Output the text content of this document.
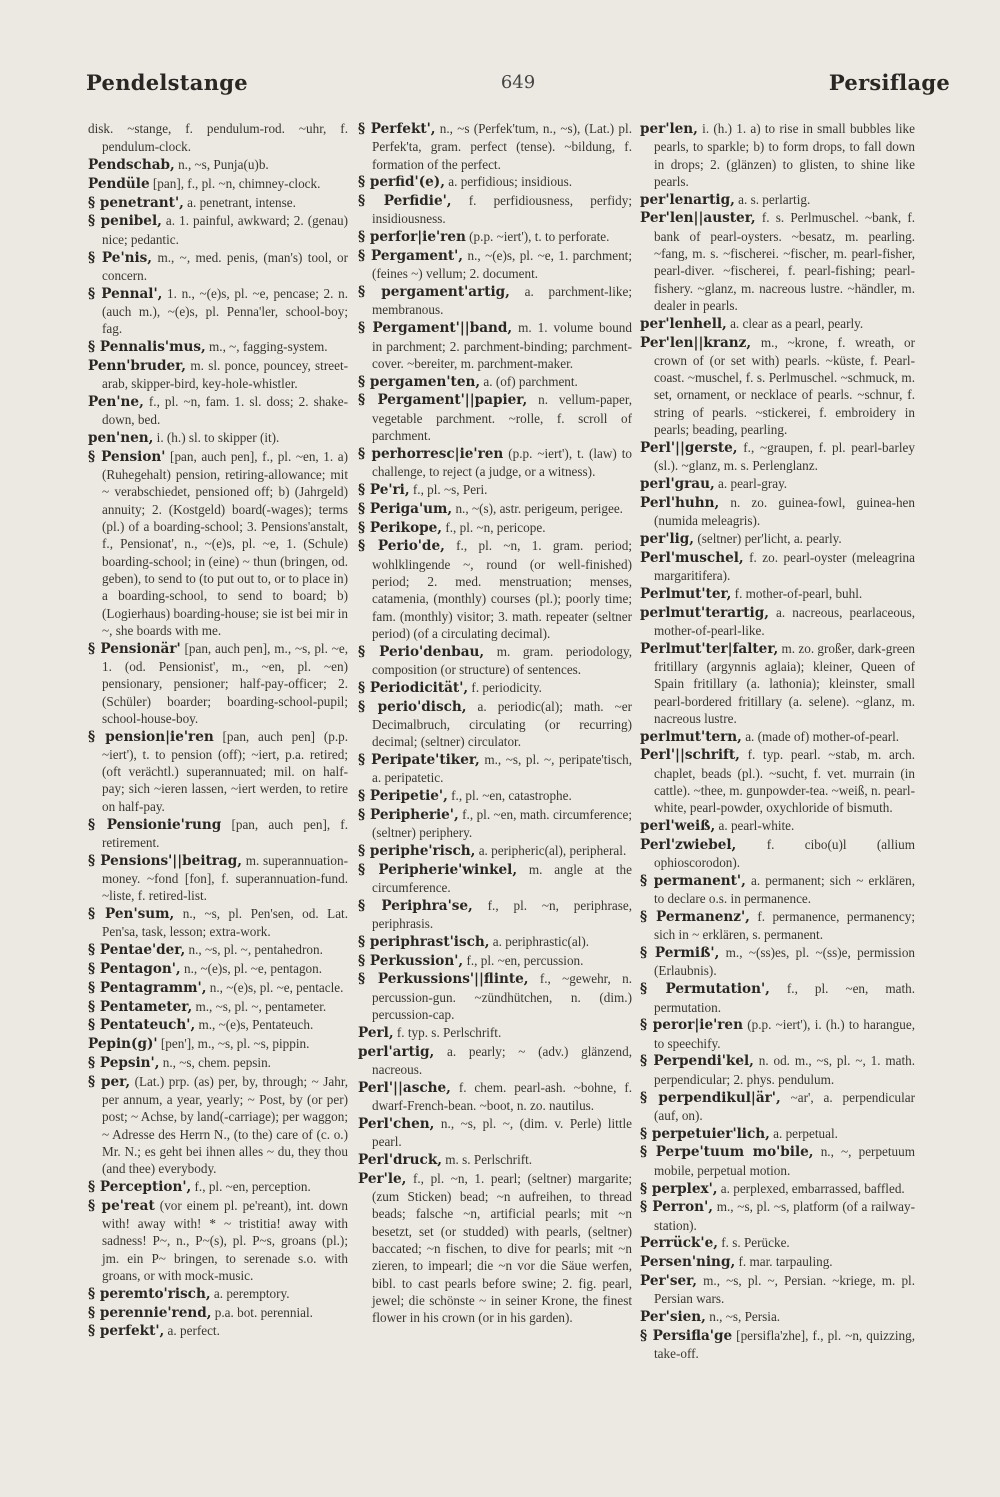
Pendelstange	649	Persiflage

disk. ~stange, f. pendulum-rod. ~uhr, f. pendulum-clock.

Pendschab, n., ~s, Punja(u)b.

Pendüle [pan], f., pl. ~n, chimney-clock.

§ penetrant', a. penetrant, intense.

§ penibel, a. 1. painful, awkward; 2. (genau) nice; pedantic.

§ Pe'nis, m., ~, med. penis, (man's) tool, or concern.

§ Pennal', 1. n., ~(e)s, pl. ~e, pencase; 2. n. (auch m.), ~(e)s, pl. Penna'ler, school-boy; fag.

§ Pennalis'mus, m., ~, fagging-system.

Penn'bruder, m. sl. ponce, pouncey, street-arab, skipper-bird, key-hole-whistler.

Pen'ne, f., pl. ~n, fam. 1. sl. doss; 2. shake-down, bed.

pen'nen, i. (h.) sl. to skipper (it).

§ Pension' [pan, auch pen], f., pl. ~en, 1. a) (Ruhegehalt) pension, retiring-allowance; mit ~ verabschiedet, pensioned off; b) (Jahrgeld) annuity; 2. (Kostgeld) board(-wages); terms (pl.) of a boarding-school; 3. Pensions'anstalt, f., Pensionat', n., ~(e)s, pl. ~e, 1. (Schule) boarding-school; in (eine) ~ thun (bringen, od. geben), to send to (to put out to, or to place in) a boarding-school, to send to board; b) (Logierhaus) boarding-house; sie ist bei mir in ~, she boards with me.

§ Pensionär' [pan, auch pen], m., ~s, pl. ~e, 1. (od. Pensionist', m., ~en, pl. ~en) pensionary, pensioner; half-pay-officer; 2. (Schüler) boarder; boarding-school-pupil; school-house-boy.

§ pension|ie'ren [pan, auch pen] (p.p. ~iert'), t. to pension (off); ~iert, p.a. retired; (oft verächtl.) superannuated; mil. on half-pay; sich ~ieren lassen, ~iert werden, to retire on half-pay.

§ Pensionie'rung [pan, auch pen], f. retirement.

§ Pensions'||beitrag, m. superannuation-money. ~fond [fon], f. superannuation-fund. ~liste, f. retired-list.

§ Pen'sum, n., ~s, pl. Pen'sen, od. Lat. Pen'sa, task, lesson; extra-work.

§ Pentae'der, n., ~s, pl. ~, pentahedron.

§ Pentagon', n., ~(e)s, pl. ~e, pentagon.

§ Pentagramm', n., ~(e)s, pl. ~e, pentacle.

§ Pentameter, m., ~s, pl. ~, pentameter.

§ Pentateuch', m., ~(e)s, Pentateuch.

Pepin(g)' [pen'], m., ~s, pl. ~s, pippin.

§ Pepsin', n., ~s, chem. pepsin.

§ per, (Lat.) prp. (as) per, by, through; ~ Jahr, per annum, a year, yearly; ~ Post, by (or per) post; ~ Achse, by land(-carriage); per waggon; ~ Adresse des Herrn N., (to the) care of (c. o.) Mr. N.; es geht bei ihnen alles ~ du, they thou (and thee) everybody.

§ Perception', f., pl. ~en, perception.

§ pe'reat (vor einem pl. pe'reant), int. down with! away with! * ~ tristitia! away with sadness! P~, n., P~(s), pl. P~s, groans (pl.); jm. ein P~ bringen, to serenade s.o. with groans, or with mock-music.

§ peremto'risch, a. peremptory.

§ perennie'rend, p.a. bot. perennial.

§ perfekt', a. perfect.

§ Perfekt', n., ~s (Perfek'tum, n., ~s), (Lat.) pl. Perfek'ta, gram. perfect (tense). ~bildung, f. formation of the perfect.

§ perfid'(e), a. perfidious; insidious.

§ Perfidie', f. perfidiousness, perfidy; insidiousness.

§ perfor|ie'ren (p.p. ~iert'), t. to perforate.

§ Pergament', n., ~(e)s, pl. ~e, 1. parchment; (feines ~) vellum; 2. document.

§ pergament'artig, a. parchment-like; membranous.

§ Pergament'||band, m. 1. volume bound in parchment; 2. parchment-binding; parchment-cover. ~bereiter, m. parchment-maker.

§ pergamen'ten, a. (of) parchment.

§ Pergament'||papier, n. vellum-paper, vegetable parchment. ~rolle, f. scroll of parchment.

§ perhorresc|ie'ren (p.p. ~iert'), t. (law) to challenge, to reject (a judge, or a witness).

§ Pe'ri, f., pl. ~s, Peri.

§ Periga'um, n., ~(s), astr. perigeum, perigee.

§ Perikope, f., pl. ~n, pericope.

§ Perio'de, f., pl. ~n, 1. gram. period; wohlklingende ~, round (or well-finished) period; 2. med. menstruation; menses, catamenia, (monthly) courses (pl.); poorly time; fam. (monthly) visitor; 3. math. repeater (seltner period) (of a circulating decimal).

§ Perio'denbau, m. gram. periodology, composition (or structure) of sentences.

§ Periodicität', f. periodicity.

§ perio'disch, a. periodic(al); math. ~er Decimalbruch, circulating (or recurring) decimal; (seltner) circulator.

§ Peripate'tiker, m., ~s, pl. ~, peripate'tisch, a. peripatetic.

§ Peripetie', f., pl. ~en, catastrophe.

§ Peripherie', f., pl. ~en, math. circumference; (seltner) periphery.

§ periphe'risch, a. peripheric(al), peripheral.

§ Peripherie'winkel, m. angle at the circumference.

§ Periphra'se, f., pl. ~n, periphrase, periphrasis.

§ periphrast'isch, a. periphrastic(al).

§ Perkussion', f., pl. ~en, percussion.

§ Perkussions'||flinte, f., ~gewehr, n. percussion-gun. ~zündhütchen, n. (dim.) percussion-cap.

Perl, f. typ. s. Perlschrift.

perl'artig, a. pearly; ~ (adv.) glänzend, nacreous.

Perl'||asche, f. chem. pearl-ash. ~bohne, f. dwarf-French-bean. ~boot, n. zo. nautilus.

Perl'chen, n., ~s, pl. ~, (dim. v. Perle) little pearl.

Perl'druck, m. s. Perlschrift.

Per'le, f., pl. ~n, 1. pearl; (seltner) margarite; (zum Sticken) bead; ~n aufreihen, to thread beads; falsche ~n, artificial pearls; mit ~n besetzt, set (or studded) with pearls, (seltner) baccated; ~n fischen, to dive for pearls; mit ~n zieren, to impearl; die ~n vor die Säue werfen, bibl. to cast pearls before swine; 2. fig. pearl, jewel; die schönste ~ in seiner Krone, the finest flower in his crown (or in his garden).

per'len, i. (h.) 1. a) to rise in small bubbles like pearls, to sparkle; b) to form drops, to fall down in drops; 2. (glänzen) to glisten, to shine like pearls.

per'lenartig, a. s. perlartig.

Per'len||auster, f. s. Perlmuschel. ~bank, f. bank of pearl-oysters. ~besatz, m. pearling. ~fang, m. s. ~fischerei. ~fischer, m. pearl-fisher, pearl-diver. ~fischerei, f. pearl-fishing; pearl-fishery. ~glanz, m. nacreous lustre. ~händler, m. dealer in pearls.

per'lenhell, a. clear as a pearl, pearly.

Per'len||kranz, m., ~krone, f. wreath, or crown of (or set with) pearls. ~küste, f. Pearl-coast. ~muschel, f. s. Perlmuschel. ~schmuck, m. set, ornament, or necklace of pearls. ~schnur, f. string of pearls. ~stickerei, f. embroidery in pearls; beading, pearling.

Perl'||gerste, f., ~graupen, f. pl. pearl-barley (sl.). ~glanz, m. s. Perlenglanz.

perl'grau, a. pearl-gray.

Perl'huhn, n. zo. guinea-fowl, guinea-hen (numida meleagris).

per'lig, (seltner) per'licht, a. pearly.

Perl'muschel, f. zo. pearl-oyster (meleagrina margaritifera).

Perlmut'ter, f. mother-of-pearl, buhl.

perlmut'terartig, a. nacreous, pearlaceous, mother-of-pearl-like.

Perlmut'ter|falter, m. zo. großer, dark-green fritillary (argynnis aglaia); kleiner, Queen of Spain fritillary (a. lathonia); kleinster, small pearl-bordered fritillary (a. selene). ~glanz, m. nacreous lustre.

perlmut'tern, a. (made of) mother-of-pearl.

Perl'||schrift, f. typ. pearl. ~stab, m. arch. chaplet, beads (pl.). ~sucht, f. vet. murrain (in cattle). ~thee, m. gunpowder-tea. ~weiß, n. pearl-white, pearl-powder, oxychloride of bismuth.

perl'weiß, a. pearl-white.

Perl'zwiebel, f. cibo(u)l (allium ophioscorodon).

§ permanent', a. permanent; sich ~ erklären, to declare o.s. in permanence.

§ Permanenz', f. permanence, permanency; sich in ~ erklären, s. permanent.

§ Permiß', m., ~(ss)es, pl. ~(ss)e, permission (Erlaubnis).

§ Permutation', f., pl. ~en, math. permutation.

§ peror|ie'ren (p.p. ~iert'), i. (h.) to harangue, to speechify.

§ Perpendi'kel, n. od. m., ~s, pl. ~, 1. math. perpendicular; 2. phys. pendulum.

§ perpendikul|är', ~ar', a. perpendicular (auf, on).

§ perpetuier'lich, a. perpetual.

§ Perpe'tuum mo'bile, n., ~, perpetuum mobile, perpetual motion.

§ perplex', a. perplexed, embarrassed, baffled.

§ Perron', m., ~s, pl. ~s, platform (of a railway-station).

Perrück'e, f. s. Perücke.

Persen'ning, f. mar. tarpauling.

Per'ser, m., ~s, pl. ~, Persian. ~kriege, m. pl. Persian wars.

Per'sien, n., ~s, Persia.

§ Persifla'ge [persifla'zhe], f., pl. ~n, quizzing, take-off.
